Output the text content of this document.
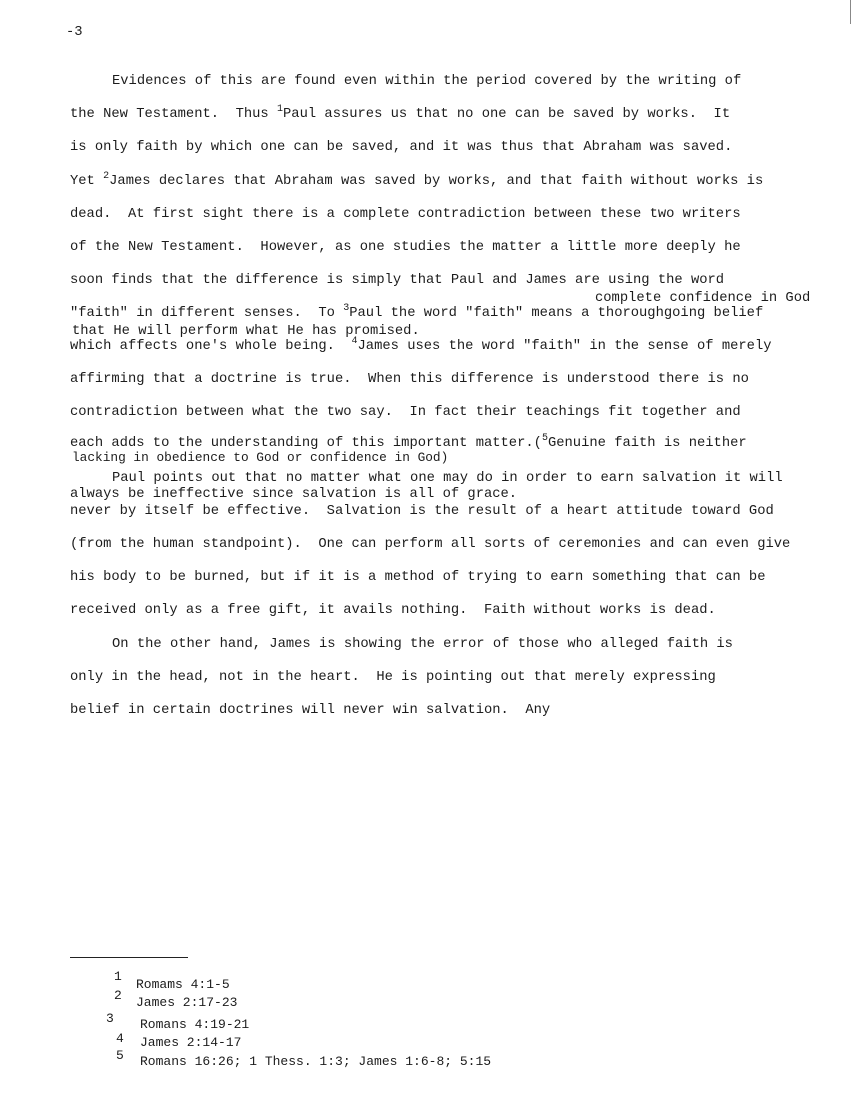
-3
Evidences of this are found even within the period covered by the writing of
the New Testament.  Thus $^1$Paul assures us that no one can be saved by works.  It
is only faith by which one can be saved, and it was thus that Abraham was saved.
Yet $^2$James declares that Abraham was saved by works, and that faith without works is
dead.  At first sight there is a complete contradiction between these two writers
of the New Testament.  However, as one studies the matter a little more deeply he
soon finds that the difference is simply that Paul and James are using the word
complete confidence in God
"faith" in different senses.  To $^3$Paul the word "faith" means a thoroughgoing belief
that He will perform what He has promised.
which affects one's whole being.  $^4$James uses the word "faith" in the sense of merely
affirming that a doctrine is true.  When this difference is understood there is no
contradiction between what the two say.  In fact their teachings fit together and
each adds to the understanding of this important matter.($^5$Genuine faith is neither
lacking in obedience to God or confidence in God)
Paul points out that no matter what one may do in order to earn salvation it will
always be ineffective since salvation is all of grace.
never by itself be effective.  Salvation is the result of a heart attitude toward God
(from the human standpoint).  One can perform all sorts of ceremonies and can even give
his body to be burned, but if it is a method of trying to earn something that can be
received only as a free gift, it avails nothing.  Faith without works is dead.
On the other hand, James is showing the error of those who alleged faith is
only in the head, not in the heart.  He is pointing out that merely expressing
belief in certain doctrines will never win salvation.  Any
1
Romams 4:1-5
2 James 2:17-23
3 Romans 4:19-21
4 James 2:14-17
5 Romans 16:26; 1 Thess. 1:3; James 1:6-8; 5:15
